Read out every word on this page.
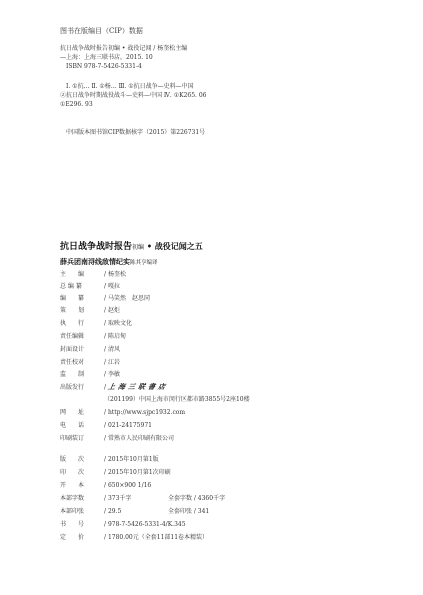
图书在版编目（CIP）数据
抗日战争战时报告初编 • 战役记闻 / 杨奎松主编
—上海：上海三联书店，2015. 10
ISBN 978-7-5426-5331-4
Ⅰ. ①抗… Ⅱ. ①杨… Ⅲ. ①抗日战争—史料—中国
②抗日战争时期战役战斗—史料—中国 Ⅳ. ①K265. 06
①E296. 93
中国版本图书馆CIP数据核字（2015）第226731号
抗日战争战时报告初编 • 战役记闻之五
薛兵团南浔线敌情纪实陈其亨编译
主　　编	/ 杨奎松
总 编 纂	/ 嘎拉
编　　纂	/ 马笑然　赵思同
策　　划	/ 赵炬
执　　行	/ 取映文化
责任编辑	/ 陈启甸
封面设计	/ 清风
责任校对	/ 江岩
监　　制	/ 李敏
出版发行	/ 上海三联書店
（201199）中国上海市闵行区都市路3855号2座10楼
网　　址	/ http://www.sjpc1932.com
电　　话	/ 021-24175971
印刷装订	/ 常熟市人民印刷有限公司
版　　次	/ 2015年10月第1版
印　　次	/ 2015年10月第1次印刷
开　　本	/ 650×900 1/16
本部字数	/ 373千字	全套字数 / 4360千字
本部印张	/ 29.5	全套印张 / 341
书　　号	/ 978-7-5426-5331-4/K.345
定　　价	/ 1780.00元（全套11部11卷本精装）
